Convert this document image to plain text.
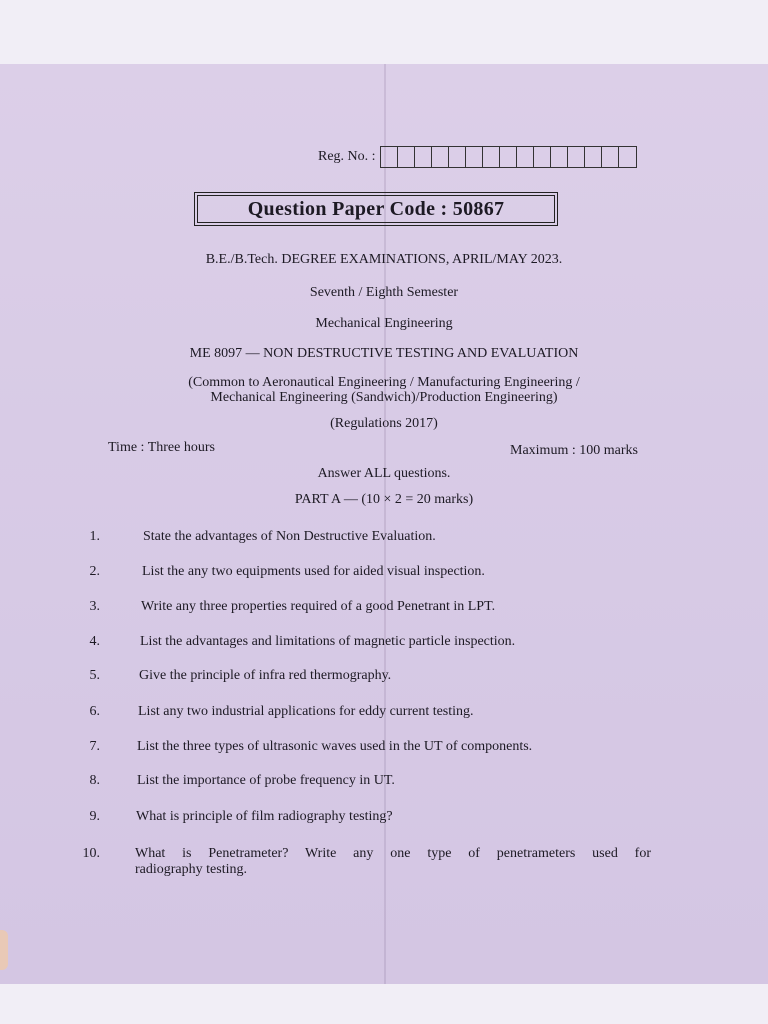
Reg. No. :
Question Paper Code : 50867
B.E./B.Tech. DEGREE EXAMINATIONS, APRIL/MAY 2023.
Seventh / Eighth Semester
Mechanical Engineering
ME 8097 — NON DESTRUCTIVE TESTING AND EVALUATION
(Common to Aeronautical Engineering / Manufacturing Engineering /
Mechanical Engineering (Sandwich)/Production Engineering)
(Regulations 2017)
Time : Three hours	Maximum : 100 marks
Answer ALL questions.
PART A — (10 × 2 = 20 marks)
1.	State the advantages of Non Destructive Evaluation.
2.	List the any two equipments used for aided visual inspection.
3.	Write any three properties required of a good Penetrant in LPT.
4.	List the advantages and limitations of magnetic particle inspection.
5.	Give the principle of infra red thermography.
6.	List any two industrial applications for eddy current testing.
7.	List the three types of ultrasonic waves used in the UT of components.
8.	List the importance of probe frequency in UT.
9.	What is principle of film radiography testing?
10.	What is Penetrameter? Write any one type of penetrameters used for
radiography testing.
